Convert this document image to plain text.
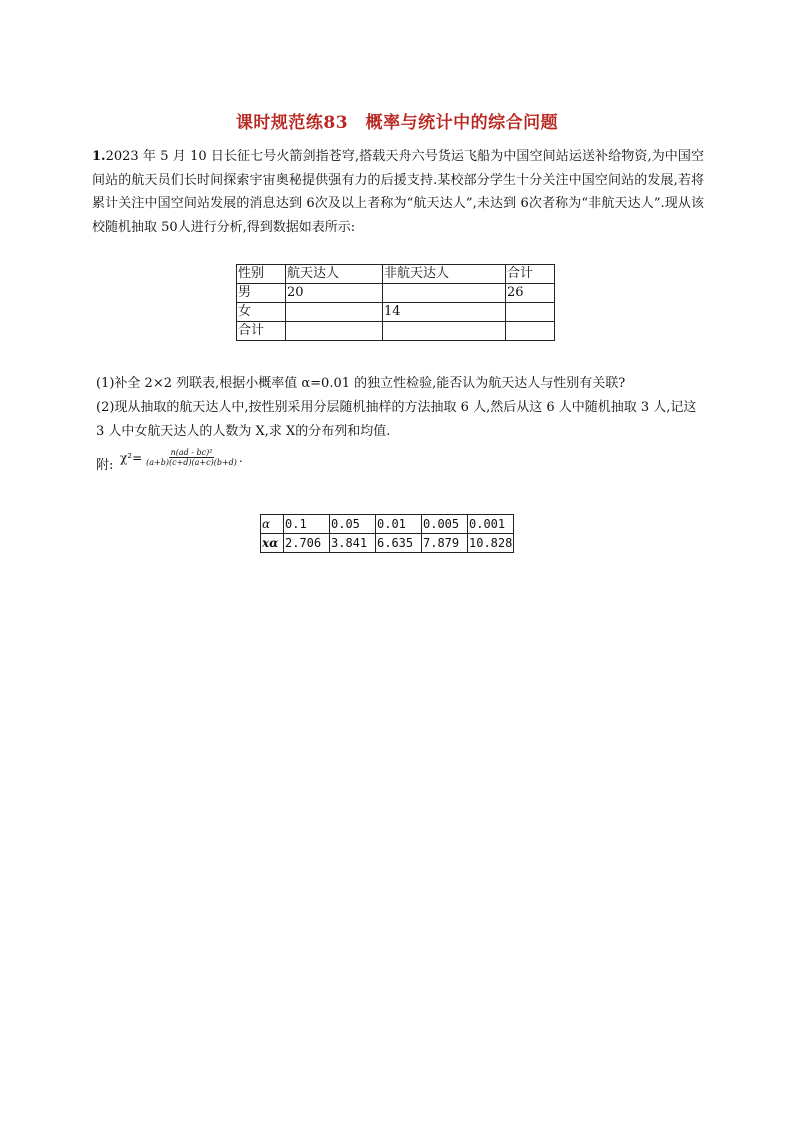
课时规范练83　概率与统计中的综合问题
1.2023 年 5 月 10 日长征七号火箭剑指苍穹,搭载天舟六号货运飞船为中国空间站运送补给物资,为中国空间站的航天员们长时间探索宇宙奥秘提供强有力的后援支持.某校部分学生十分关注中国空间站的发展,若将累计关注中国空间站发展的消息达到 6次及以上者称为“航天达人”,未达到 6次者称为“非航天达人”.现从该校随机抽取 50人进行分析,得到数据如表所示:
性别	航天达人	非航天达人	合计
男	20		26
女		14	
合计			
(1)补全 2×2 列联表,根据小概率值 α=0.01 的独立性检验,能否认为航天达人与性别有关联?
(2)现从抽取的航天达人中,按性别采用分层随机抽样的方法抽取 6 人,然后从这 6 人中随机抽取 3 人,记这 3 人中女航天达人的人数为 X,求 X的分布列和均值.
附:
$\chi^2= \frac{\text{n(ad - bc)²}}{(a+b)(c+d)(a+c)(b+d)}$ .
α	0.1	0.05	0.01	0.005	0.001
xα	2.706	3.841	6.635	7.879	10.828
